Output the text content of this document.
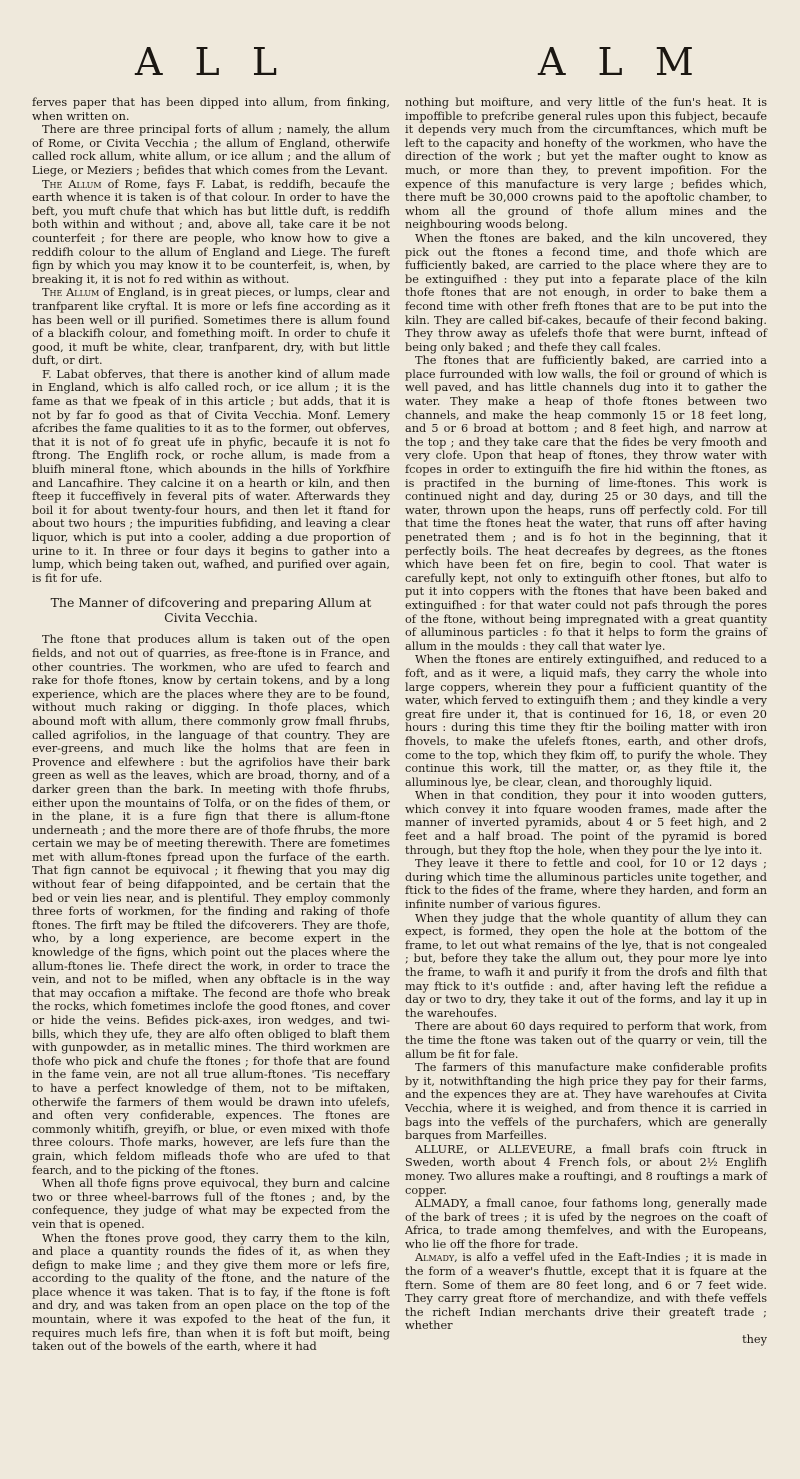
A L L	A L M

ferves paper that has been dipped into allum, from finking, when written on.

There are three principal forts of allum ; namely, the allum of Rome, or Civita Vecchia ; the allum of England, otherwife called rock allum, white allum, or ice allum ; and the allum of Liege, or Meziers ; befides that which comes from the Levant.

The Allum of Rome, fays F. Labat, is reddifh, becaufe the earth whence it is taken is of that colour. In order to have the beft, you muft chufe that which has but little duft, is reddifh both within and without ; and, above all, take care it be not counterfeit ; for there are people, who know how to give a reddifh colour to the allum of England and Liege. The fureft fign by which you may know it to be counterfeit, is, when, by breaking it, it is not fo red within as without.

The Allum of England, is in great pieces, or lumps, clear and tranfparent like cryftal. It is more or lefs fine according as it has been well or ill purified. Sometimes there is allum found of a blackifh colour, and fomething moift. In order to chufe it good, it muft be white, clear, tranfparent, dry, with but little duft, or dirt.

F. Labat obferves, that there is another kind of allum made in England, which is alfo called roch, or ice allum ; it is the fame as that we fpeak of in this article ; but adds, that it is not by far fo good as that of Civita Vecchia. Monf. Lemery afcribes the fame qualities to it as to the former, out obferves, that it is not of fo great ufe in phyfic, becaufe it is not fo ftrong. The Englifh rock, or roche allum, is made from a bluifh mineral ftone, which abounds in the hills of Yorkfhire and Lancafhire. They calcine it on a hearth or kiln, and then fteep it fucceffively in feveral pits of water. Afterwards they boil it for about twenty-four hours, and then let it ftand for about two hours ; the impurities fubfiding, and leaving a clear liquor, which is put into a cooler, adding a due proportion of urine to it. In three or four days it begins to gather into a lump, which being taken out, wafhed, and purified over again, is fit for ufe.

The Manner of difcovering and preparing Allum at Civita Vecchia.

The ftone that produces allum is taken out of the open fields, and not out of quarries, as free-ftone is in France, and other countries. The workmen, who are ufed to fearch and rake for thofe ftones, know by certain tokens, and by a long experience, which are the places where they are to be found, without much raking or digging. In thofe places, which abound moft with allum, there commonly grow fmall fhrubs, called agrifolios, in the language of that country. They are ever-greens, and much like the holms that are feen in Provence and elfewhere : but the agrifolios have their bark green as well as the leaves, which are broad, thorny, and of a darker green than the bark. In meeting with thofe fhrubs, either upon the mountains of Tolfa, or on the fides of them, or in the plane, it is a fure fign that there is allum-ftone underneath ; and the more there are of thofe fhrubs, the more certain we may be of meeting therewith. There are fometimes met with allum-ftones fpread upon the furface of the earth. That fign cannot be equivocal ; it fhewing that you may dig without fear of being difappointed, and be certain that the bed or vein lies near, and is plentiful. They employ commonly three forts of workmen, for the finding and raking of thofe ftones. The firft may be ftiled the difcoverers. They are thofe, who, by a long experience, are become expert in the knowledge of the figns, which point out the places where the allum-ftones lie. Thefe direct the work, in order to trace the vein, and not to be mifled, when any obftacle is in the way that may occafion a miftake. The fecond are thofe who break the rocks, which fometimes inclofe the good ftones, and cover or hide the veins. Befides pick-axes, iron wedges, and twi-bills, which they ufe, they are alfo often obliged to blaft them with gunpowder, as in metallic mines. The third workmen are thofe who pick and chufe the ftones ; for thofe that are found in the fame vein, are not all true allum-ftones. 'Tis neceffary to have a perfect knowledge of them, not to be miftaken, otherwife the farmers of them would be drawn into ufelefs, and often very confiderable, expences. The ftones are commonly whitifh, greyifh, or blue, or even mixed with thofe three colours. Thofe marks, however, are lefs fure than the grain, which feldom mifleads thofe who are ufed to that fearch, and to the picking of the ftones.

When all thofe figns prove equivocal, they burn and calcine two or three wheel-barrows full of the ftones ; and, by the confequence, they judge of what may be expected from the vein that is opened.

When the ftones prove good, they carry them to the kiln, and place a quantity rounds the fides of it, as when they defign to make lime ; and they give them more or lefs fire, according to the quality of the ftone, and the nature of the place whence it was taken. That is to fay, if the ftone is foft and dry, and was taken from an open place on the top of the mountain, where it was expofed to the heat of the fun, it requires much lefs fire, than when it is foft but moift, being taken out of the bowels of the earth, where it had

nothing but moifture, and very little of the fun's heat. It is impoffible to prefcribe general rules upon this fubject, becaufe it depends very much from the circumftances, which muft be left to the capacity and honefty of the workmen, who have the direction of the work ; but yet the mafter ought to know as much, or more than they, to prevent impofition. For the expence of this manufacture is very large ; befides which, there muft be 30,000 crowns paid to the apoftolic chamber, to whom all the ground of thofe allum mines and the neighbouring woods belong.

When the ftones are baked, and the kiln uncovered, they pick out the ftones a fecond time, and thofe which are fufficiently baked, are carried to the place where they are to be extinguifhed : they put into a feparate place of the kiln thofe ftones that are not enough, in order to bake them a fecond time with other frefh ftones that are to be put into the kiln. They are called bif-cakes, becaufe of their fecond baking. They throw away as ufelefs thofe that were burnt, inftead of being only baked ; and thefe they call fcales.

The ftones that are fufficiently baked, are carried into a place furrounded with low walls, the foil or ground of which is well paved, and has little channels dug into it to gather the water. They make a heap of thofe ftones between two channels, and make the heap commonly 15 or 18 feet long, and 5 or 6 broad at bottom ; and 8 feet high, and narrow at the top ; and they take care that the fides be very fmooth and very clofe. Upon that heap of ftones, they throw water with fcopes in order to extinguifh the fire hid within the ftones, as is practifed in the burning of lime-ftones. This work is continued night and day, during 25 or 30 days, and till the water, thrown upon the heaps, runs off perfectly cold. For till that time the ftones heat the water, that runs off after having penetrated them ; and is fo hot in the beginning, that it perfectly boils. The heat decreafes by degrees, as the ftones which have been fet on fire, begin to cool. That water is carefully kept, not only to extinguifh other ftones, but alfo to put it into coppers with the ftones that have been baked and extinguifhed : for that water could not pafs through the pores of the ftone, without being impregnated with a great quantity of alluminous particles : fo that it helps to form the grains of allum in the moulds : they call that water lye.

When the ftones are entirely extinguifhed, and reduced to a foft, and as it were, a liquid mafs, they carry the whole into large coppers, wherein they pour a fufficient quantity of the water, which ferved to extinguifh them ; and they kindle a very great fire under it, that is continued for 16, 18, or even 20 hours : during this time they ftir the boiling matter with iron fhovels, to make the ufelefs ftones, earth, and other drofs, come to the top, which they fkim off, to purify the whole. They continue this work, till the matter, or, as they ftile it, the alluminous lye, be clear, clean, and thoroughly liquid.

When in that condition, they pour it into wooden gutters, which convey it into fquare wooden frames, made after the manner of inverted pyramids, about 4 or 5 feet high, and 2 feet and a half broad. The point of the pyramid is bored through, but they ftop the hole, when they pour the lye into it.

They leave it there to fettle and cool, for 10 or 12 days ; during which time the alluminous particles unite together, and ftick to the fides of the frame, where they harden, and form an infinite number of various figures.

When they judge that the whole quantity of allum they can expect, is formed, they open the hole at the bottom of the frame, to let out what remains of the lye, that is not congealed ; but, before they take the allum out, they pour more lye into the frame, to wafh it and purify it from the drofs and filth that may ftick to it's outfide : and, after having left the refidue a day or two to dry, they take it out of the forms, and lay it up in the warehoufes.

There are about 60 days required to perform that work, from the time the ftone was taken out of the quarry or vein, till the allum be fit for fale.

The farmers of this manufacture make confiderable profits by it, notwithftanding the high price they pay for their farms, and the expences they are at. They have warehoufes at Civita Vecchia, where it is weighed, and from thence it is carried in bags into the veffels of the purchafers, which are generally barques from Marfeilles.

ALLURE, or ALLEVEURE, a fmall brafs coin ftruck in Sweden, worth about 4 French fols, or about 2½ Englifh money. Two allures make a rouftingi, and 8 rouftings a mark of copper.

ALMADY, a fmall canoe, four fathoms long, generally made of the bark of trees ; it is ufed by the negroes on the coaft of Africa, to trade among themfelves, and with the Europeans, who lie off the fhore for trade.

Almady, is alfo a veffel ufed in the Eaft-Indies ; it is made in the form of a weaver's fhuttle, except that it is fquare at the ftern. Some of them are 80 feet long, and 6 or 7 feet wide. They carry great ftore of merchandize, and with thefe veffels the richeft Indian merchants drive their greateft trade ; whether

they
